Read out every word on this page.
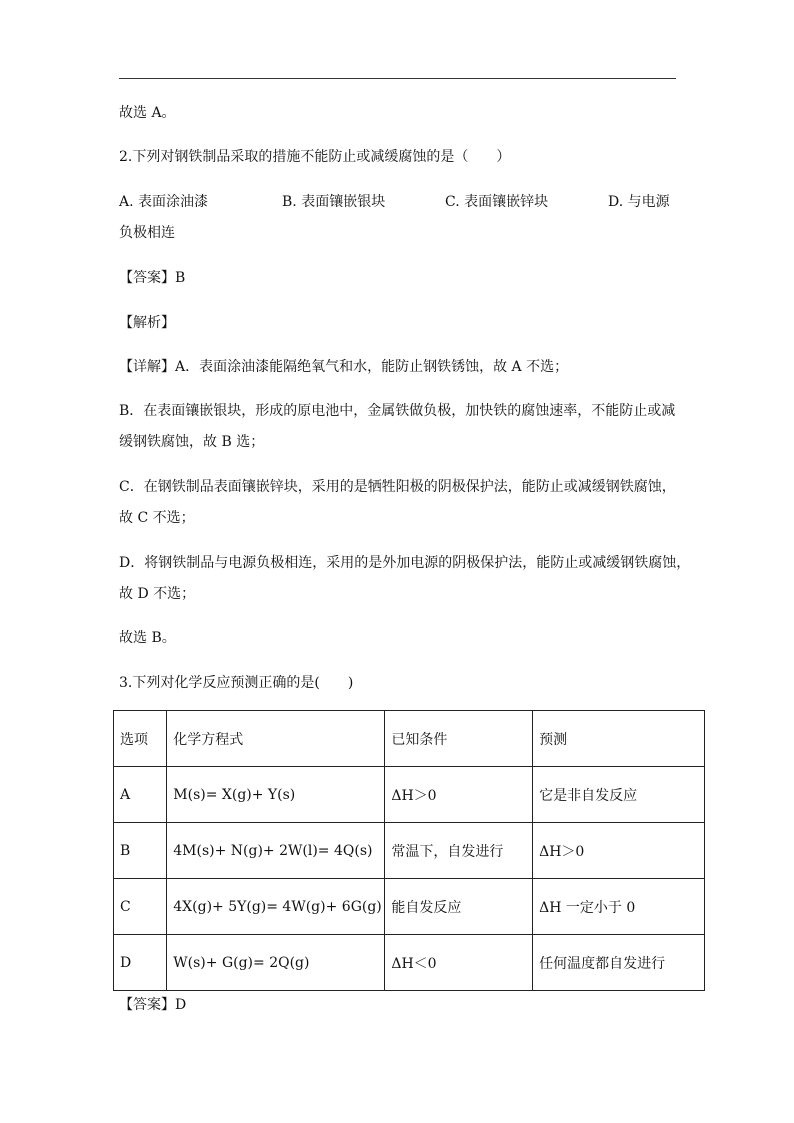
故选 A。
2.下列对钢铁制品采取的措施不能防止或减缓腐蚀的是（　　）
A. 表面涂油漆	B. 表面镶嵌银块	C. 表面镶嵌锌块	D. 与电源
负极相连
【答案】B
【解析】
【详解】A．表面涂油漆能隔绝氧气和水，能防止钢铁锈蚀，故 A 不选；
B．在表面镶嵌银块，形成的原电池中，金属铁做负极，加快铁的腐蚀速率，不能防止或减
缓钢铁腐蚀，故 B 选；
C．在钢铁制品表面镶嵌锌块，采用的是牺牲阳极的阴极保护法，能防止或减缓钢铁腐蚀，
故 C 不选；
D．将钢铁制品与电源负极相连，采用的是外加电源的阴极保护法，能防止或减缓钢铁腐蚀，
故 D 不选；
故选 B。
3.下列对化学反应预测正确的是(　　)
选项	化学方程式	已知条件	预测
A	M(s)= X(g)+ Y(s)	ΔH＞0	它是非自发反应
B	4M(s)+ N(g)+ 2W(l)= 4Q(s)	常温下，自发进行	ΔH＞0
C	4X(g)+ 5Y(g)= 4W(g)+ 6G(g)	能自发反应	ΔH 一定小于 0
D	W(s)+ G(g)= 2Q(g)	ΔH＜0	任何温度都自发进行
【答案】D
